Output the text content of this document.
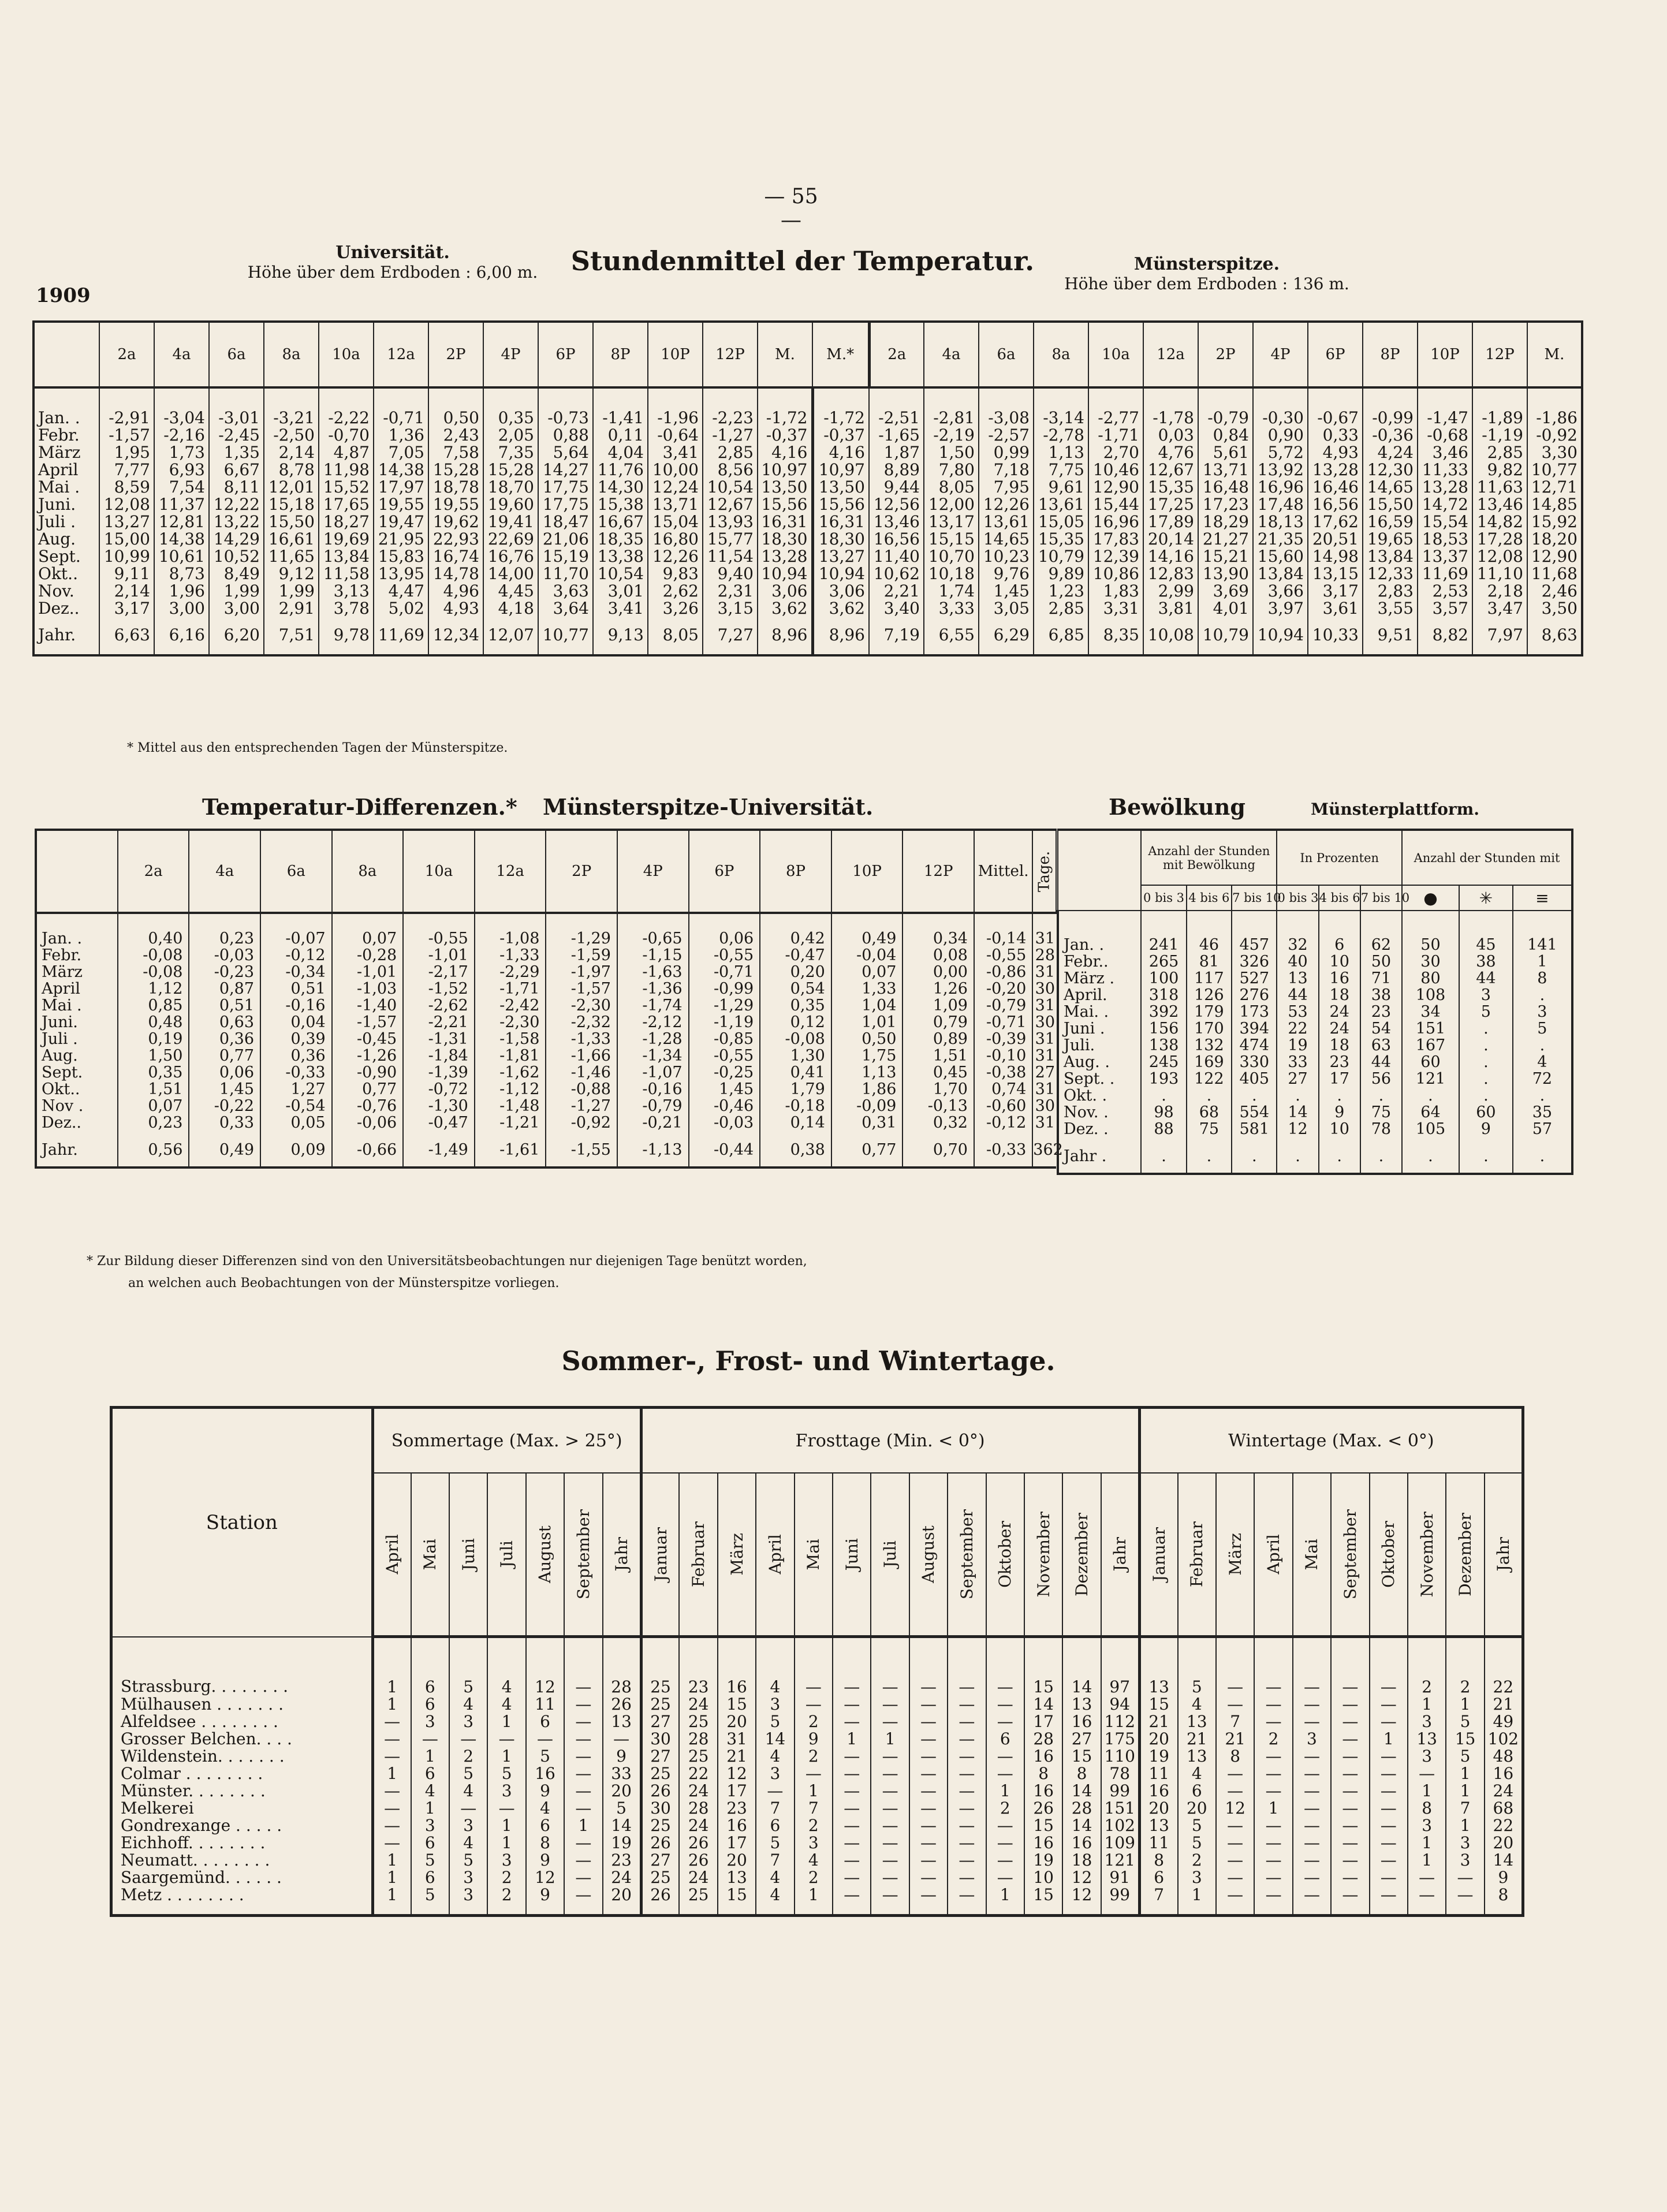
— 55 —
1909
Universität.
Höhe über dem Erdboden : 6,00 m.	Stundenmittel der Temperatur.	Münsterspitze.
Höhe über dem Erdboden : 136 m.
	2a	4a	6a	8a	10a	12a	2P	4P	6P	8P	10P	12P	M.	M.*	2a	4a	6a	8a	10a	12a	2P	4P	6P	8P	10P	12P	M.
Jan. .	-2,91	-3,04	-3,01	-3,21	-2,22	-0,71	0,50	0,35	-0,73	-1,41	-1,96	-2,23	-1,72	-1,72	-2,51	-2,81	-3,08	-3,14	-2,77	-1,78	-0,79	-0,30	-0,67	-0,99	-1,47	-1,89	-1,86
Febr.	-1,57	-2,16	-2,45	-2,50	-0,70	1,36	2,43	2,05	0,88	0,11	-0,64	-1,27	-0,37	-0,37	-1,65	-2,19	-2,57	-2,78	-1,71	0,03	0,84	0,90	0,33	-0,36	-0,68	-1,19	-0,92
März	1,95	1,73	1,35	2,14	4,87	7,05	7,58	7,35	5,64	4,04	3,41	2,85	4,16	4,16	1,87	1,50	0,99	1,13	2,70	4,76	5,61	5,72	4,93	4,24	3,46	2,85	3,30
April	7,77	6,93	6,67	8,78	11,98	14,38	15,28	15,28	14,27	11,76	10,00	8,56	10,97	10,97	8,89	7,80	7,18	7,75	10,46	12,67	13,71	13,92	13,28	12,30	11,33	9,82	10,77
Mai .	8,59	7,54	8,11	12,01	15,52	17,97	18,78	18,70	17,75	14,30	12,24	10,54	13,50	13,50	9,44	8,05	7,95	9,61	12,90	15,35	16,48	16,96	16,46	14,65	13,28	11,63	12,71
Juni.	12,08	11,37	12,22	15,18	17,65	19,55	19,55	19,60	17,75	15,38	13,71	12,67	15,56	15,56	12,56	12,00	12,26	13,61	15,44	17,25	17,23	17,48	16,56	15,50	14,72	13,46	14,85
Juli .	13,27	12,81	13,22	15,50	18,27	19,47	19,62	19,41	18,47	16,67	15,04	13,93	16,31	16,31	13,46	13,17	13,61	15,05	16,96	17,89	18,29	18,13	17,62	16,59	15,54	14,82	15,92
Aug.	15,00	14,38	14,29	16,61	19,69	21,95	22,93	22,69	21,06	18,35	16,80	15,77	18,30	18,30	16,56	15,15	14,65	15,35	17,83	20,14	21,27	21,35	20,51	19,65	18,53	17,28	18,20
Sept.	10,99	10,61	10,52	11,65	13,84	15,83	16,74	16,76	15,19	13,38	12,26	11,54	13,28	13,27	11,40	10,70	10,23	10,79	12,39	14,16	15,21	15,60	14,98	13,84	13,37	12,08	12,90
Okt..	9,11	8,73	8,49	9,12	11,58	13,95	14,78	14,00	11,70	10,54	9,83	9,40	10,94	10,94	10,62	10,18	9,76	9,89	10,86	12,83	13,90	13,84	13,15	12,33	11,69	11,10	11,68
Nov.	2,14	1,96	1,99	1,99	3,13	4,47	4,96	4,45	3,63	3,01	2,62	2,31	3,06	3,06	2,21	1,74	1,45	1,23	1,83	2,99	3,69	3,66	3,17	2,83	2,53	2,18	2,46
Dez..	3,17	3,00	3,00	2,91	3,78	5,02	4,93	4,18	3,64	3,41	3,26	3,15	3,62	3,62	3,40	3,33	3,05	2,85	3,31	3,81	4,01	3,97	3,61	3,55	3,57	3,47	3,50
Jahr.	6,63	6,16	6,20	7,51	9,78	11,69	12,34	12,07	10,77	9,13	8,05	7,27	8,96	8,96	7,19	6,55	6,29	6,85	8,35	10,08	10,79	10,94	10,33	9,51	8,82	7,97	8,63
* Mittel aus den entsprechenden Tagen der Münsterspitze.
Temperatur-Differenzen.* Münsterspitze-Universität.	Bewölkung	Münsterplattform.
	2a	4a	6a	8a	10a	12a	2P	4P	6P	8P	10P	12P	Mittel.	Tage.
Jan. .	0,40	0,23	-0,07	0,07	-0,55	-1,08	-1,29	-0,65	0,06	0,42	0,49	0,34	-0,14	31
Febr.	-0,08	-0,03	-0,12	-0,28	-1,01	-1,33	-1,59	-1,15	-0,55	-0,47	-0,04	0,08	-0,55	28
März	-0,08	-0,23	-0,34	-1,01	-2,17	-2,29	-1,97	-1,63	-0,71	0,20	0,07	0,00	-0,86	31
April	1,12	0,87	0,51	-1,03	-1,52	-1,71	-1,57	-1,36	-0,99	0,54	1,33	1,26	-0,20	30
Mai .	0,85	0,51	-0,16	-1,40	-2,62	-2,42	-2,30	-1,74	-1,29	0,35	1,04	1,09	-0,79	31
Juni.	0,48	0,63	0,04	-1,57	-2,21	-2,30	-2,32	-2,12	-1,19	0,12	1,01	0,79	-0,71	30
Juli .	0,19	0,36	0,39	-0,45	-1,31	-1,58	-1,33	-1,28	-0,85	-0,08	0,50	0,89	-0,39	31
Aug.	1,50	0,77	0,36	-1,26	-1,84	-1,81	-1,66	-1,34	-0,55	1,30	1,75	1,51	-0,10	31
Sept.	0,35	0,06	-0,33	-0,90	-1,39	-1,62	-1,46	-1,07	-0,25	0,41	1,13	0,45	-0,38	27
Okt..	1,51	1,45	1,27	0,77	-0,72	-1,12	-0,88	-0,16	1,45	1,79	1,86	1,70	0,74	31
Nov .	0,07	-0,22	-0,54	-0,76	-1,30	-1,48	-1,27	-0,79	-0,46	-0,18	-0,09	-0,13	-0,60	30
Dez..	0,23	0,33	0,05	-0,06	-0,47	-1,21	-0,92	-0,21	-0,03	0,14	0,31	0,32	-0,12	31
Jahr.	0,56	0,49	0,09	-0,66	-1,49	-1,61	-1,55	-1,13	-0,44	0,38	0,77	0,70	-0,33	362
	Anzahl der Stunden mit Bewölkung			In Prozenten			Anzahl der Stunden mit		
	0 bis 3	4 bis 6	7 bis 10	0 bis 3	4 bis 6	7 bis 10	●	✳	≡
Jan. .	241	46	457	32	6	62	50	45	141
Febr..	265	81	326	40	10	50	30	38	1
März .	100	117	527	13	16	71	80	44	8
April.	318	126	276	44	18	38	108	3	.
Mai. .	392	179	173	53	24	23	34	5	3
Juni .	156	170	394	22	24	54	151	.	5
Juli.	138	132	474	19	18	63	167	.	.
Aug. .	245	169	330	33	23	44	60	.	4
Sept. .	193	122	405	27	17	56	121	.	72
Okt. .	.	.	.	.	.	.	.	.	.
Nov. .	98	68	554	14	9	75	64	60	35
Dez. .	88	75	581	12	10	78	105	9	57
Jahr .	.	.	.	.	.	.	.	.	.
* Zur Bildung dieser Differenzen sind von den Universitätsbeobachtungen nur diejenigen Tage benützt worden,
an welchen auch Beobachtungen von der Münsterspitze vorliegen.
Sommer-, Frost- und Wintertage.
Station	Sommertage (Max. > 25°)							Frosttage (Min. < 0°)													Wintertage (Max. < 0°)									

	April	Mai	Juni	Juli	August	September	Jahr	Januar	Februar	März	April	Mai	Juni	Juli	August	September	Oktober	November	Dezember	Jahr	Januar	Februar	März	April	Mai	September	Oktober	November	Dezember	Jahr

Strassburg. . . . . . . .	1	6	5	4	12	—	28	25	23	16	4	—	—	—	—	—	—	15	14	97	13	5	—	—	—	—	—	2	2	22
Mülhausen . . . . . . .	1	6	4	4	11	—	26	25	24	15	3	—	—	—	—	—	—	14	13	94	15	4	—	—	—	—	—	1	1	21
Alfeldsee . . . . . . . .	—	3	3	1	6	—	13	27	25	20	5	2	—	—	—	—	—	17	16	112	21	13	7	—	—	—	—	3	5	49
Grosser Belchen. . . .	—	—	—	—	—	—	—	30	28	31	14	9	1	1	—	—	6	28	27	175	20	21	21	2	3	—	1	13	15	102
Wildenstein. . . . . . .	—	1	2	1	5	—	9	27	25	21	4	2	—	—	—	—	—	16	15	110	19	13	8	—	—	—	—	3	5	48
Colmar . . . . . . . .	1	6	5	5	16	—	33	25	22	12	3	—	—	—	—	—	—	8	8	78	11	4	—	—	—	—	—	—	1	16
Münster. . . . . . . .	—	4	4	3	9	—	20	26	24	17	—	1	—	—	—	—	1	16	14	99	16	6	—	—	—	—	—	1	1	24
Melkerei	—	1	—	—	4	—	5	30	28	23	7	7	—	—	—	—	2	26	28	151	20	20	12	1	—	—	—	8	7	68
Gondrexange . . . . .	—	3	3	1	6	1	14	25	24	16	6	2	—	—	—	—	—	15	14	102	13	5	—	—	—	—	—	3	1	22
Eichhoff. . . . . . . .	—	6	4	1	8	—	19	26	26	17	5	3	—	—	—	—	—	16	16	109	11	5	—	—	—	—	—	1	3	20
Neumatt. . . . . . . .	1	5	5	3	9	—	23	27	26	20	7	4	—	—	—	—	—	19	18	121	8	2	—	—	—	—	—	1	3	14
Saargemünd. . . . . .	1	6	3	2	12	—	24	25	24	13	4	2	—	—	—	—	—	10	12	91	6	3	—	—	—	—	—	—	—	9
Metz . . . . . . . .	1	5	3	2	9	—	20	26	25	15	4	1	—	—	—	—	1	15	12	99	7	1	—	—	—	—	—	—	—	8
